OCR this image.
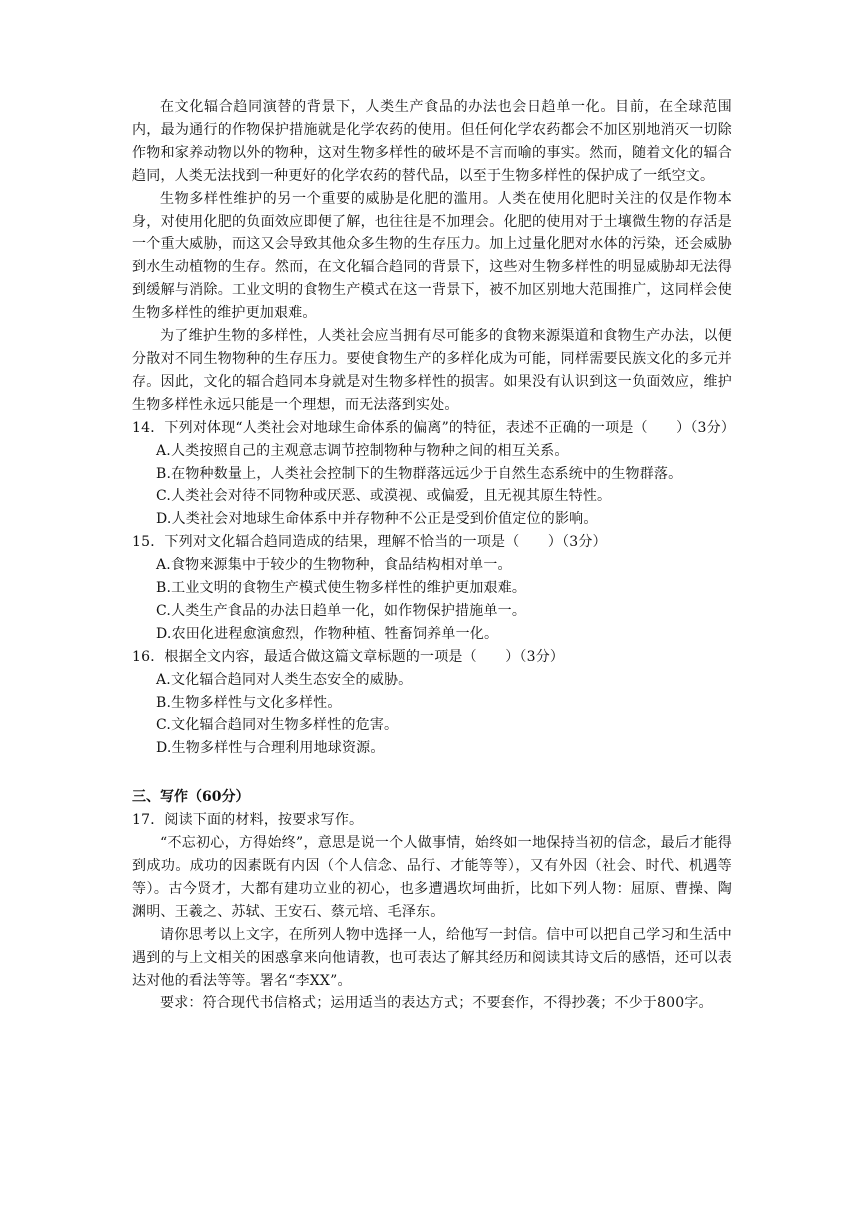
在文化辐合趋同演替的背景下，人类生产食品的办法也会日趋单一化。目前，在全球范围内，最为通行的作物保护措施就是化学农药的使用。但任何化学农药都会不加区别地消灭一切除作物和家养动物以外的物种，这对生物多样性的破坏是不言而喻的事实。然而，随着文化的辐合趋同，人类无法找到一种更好的化学农药的替代品，以至于生物多样性的保护成了一纸空文。

生物多样性维护的另一个重要的威胁是化肥的滥用。人类在使用化肥时关注的仅是作物本身，对使用化肥的负面效应即便了解，也往往是不加理会。化肥的使用对于土壤微生物的存活是一个重大威胁，而这又会导致其他众多生物的生存压力。加上过量化肥对水体的污染，还会威胁到水生动植物的生存。然而，在文化辐合趋同的背景下，这些对生物多样性的明显威胁却无法得到缓解与消除。工业文明的食物生产模式在这一背景下，被不加区别地大范围推广，这同样会使生物多样性的维护更加艰难。

为了维护生物的多样性，人类社会应当拥有尽可能多的食物来源渠道和食物生产办法，以便分散对不同生物物种的生存压力。要使食物生产的多样化成为可能，同样需要民族文化的多元并存。因此，文化的辐合趋同本身就是对生物多样性的损害。如果没有认识到这一负面效应，维护生物多样性永远只能是一个理想，而无法落到实处。

14．下列对体现“人类社会对地球生命体系的偏离”的特征，表述不正确的一项是（　　）（3分）

A.人类按照自己的主观意志调节控制物种与物种之间的相互关系。

B.在物种数量上，人类社会控制下的生物群落远远少于自然生态系统中的生物群落。

C.人类社会对待不同物种或厌恶、或漠视、或偏爱，且无视其原生特性。

D.人类社会对地球生命体系中并存物种不公正是受到价值定位的影响。

15．下列对文化辐合趋同造成的结果，理解不恰当的一项是（　　）（3分）

A.食物来源集中于较少的生物物种，食品结构相对单一。

B.工业文明的食物生产模式使生物多样性的维护更加艰难。

C.人类生产食品的办法日趋单一化，如作物保护措施单一。

D.农田化进程愈演愈烈，作物种植、牲畜饲养单一化。

16．根据全文内容，最适合做这篇文章标题的一项是（　　）（3分）

A.文化辐合趋同对人类生态安全的威胁。

B.生物多样性与文化多样性。

C.文化辐合趋同对生物多样性的危害。

D.生物多样性与合理利用地球资源。

三、写作（60分）

17．阅读下面的材料，按要求写作。

“不忘初心，方得始终”，意思是说一个人做事情，始终如一地保持当初的信念，最后才能得到成功。成功的因素既有内因（个人信念、品行、才能等等），又有外因（社会、时代、机遇等等）。古今贤才，大都有建功立业的初心，也多遭遇坎坷曲折，比如下列人物：屈原、曹操、陶渊明、王羲之、苏轼、王安石、蔡元培、毛泽东。

请你思考以上文字，在所列人物中选择一人，给他写一封信。信中可以把自己学习和生活中遇到的与上文相关的困惑拿来向他请教，也可表达了解其经历和阅读其诗文后的感悟，还可以表达对他的看法等等。署名“李XX”。

要求：符合现代书信格式；运用适当的表达方式；不要套作，不得抄袭；不少于800字。
